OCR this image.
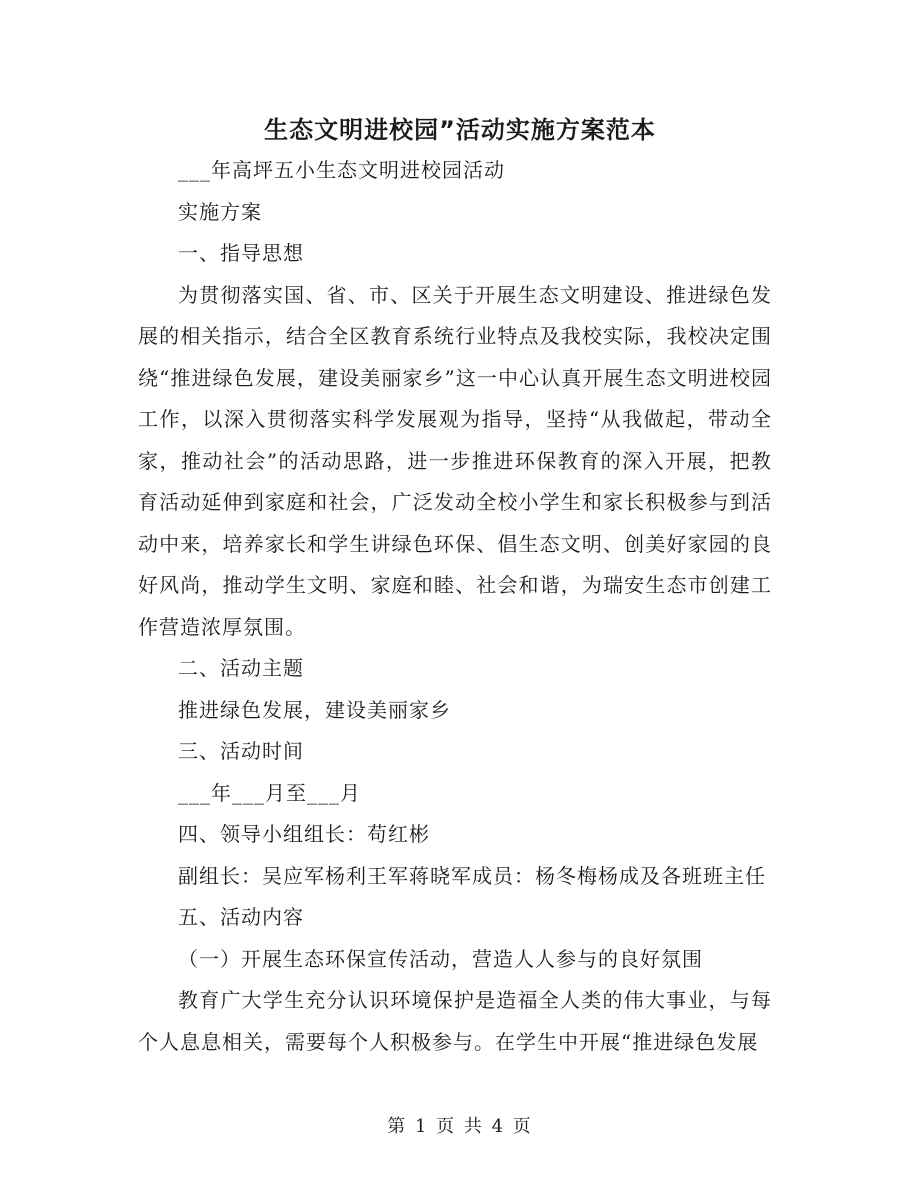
生态文明进校园”活动实施方案范本
___年高坪五小生态文明进校园活动
实施方案
一、指导思想
为贯彻落实国、省、市、区关于开展生态文明建设、推进绿色发展的相关指示，结合全区教育系统行业特点及我校实际，我校决定围绕“推进绿色发展，建设美丽家乡”这一中心认真开展生态文明进校园工作，以深入贯彻落实科学发展观为指导，坚持“从我做起，带动全家，推动社会”的活动思路，进一步推进环保教育的深入开展，把教育活动延伸到家庭和社会，广泛发动全校小学生和家长积极参与到活动中来，培养家长和学生讲绿色环保、倡生态文明、创美好家园的良好风尚，推动学生文明、家庭和睦、社会和谐，为瑞安生态市创建工作营造浓厚氛围。
二、活动主题
推进绿色发展，建设美丽家乡
三、活动时间
___年___月至___月
四、领导小组组长：苟红彬
副组长：吴应军杨利王军蒋晓军成员：杨冬梅杨成及各班班主任
五、活动内容
（一）开展生态环保宣传活动，营造人人参与的良好氛围
教育广大学生充分认识环境保护是造福全人类的伟大事业，与每个人息息相关，需要每个人积极参与。在学生中开展“推进绿色发展
第 1 页 共 4 页
